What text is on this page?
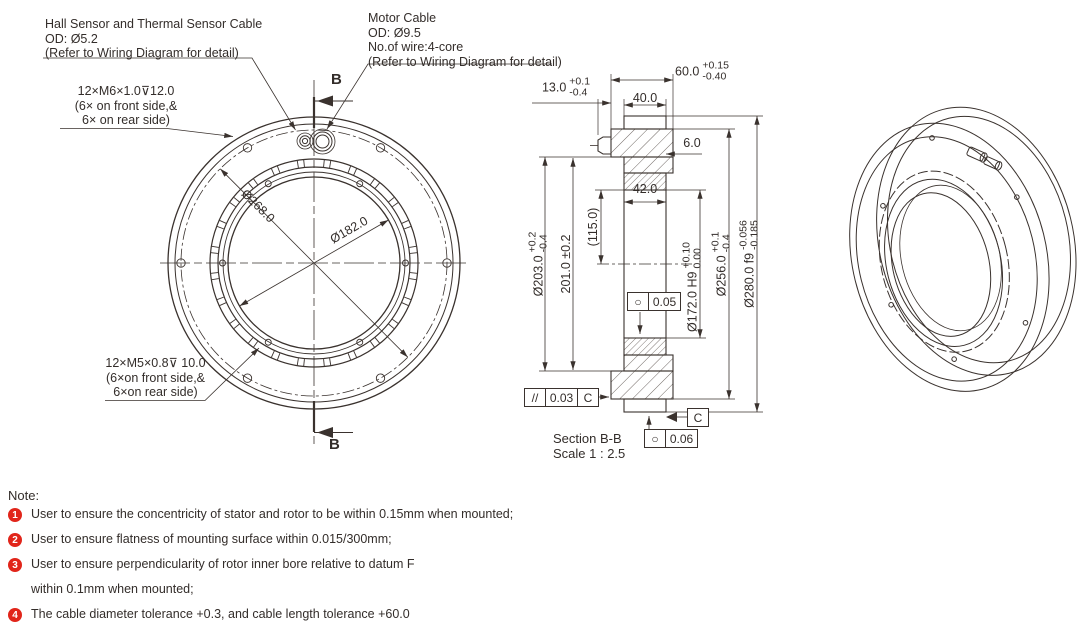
Hall Sensor and Thermal Sensor Cable
OD: Ø5.2
(Refer to Wiring Diagram for detail)
Motor Cable
OD: Ø9.5
No.of wire:4-core
(Refer to Wiring Diagram for detail)
12×M6×1.0⊽12.0
(6× on front side,&
6× on rear side)
12×M5×0.8⊽ 10.0
(6×on front side,&
6×on rear side)
Ø268.0
Ø182.0
B
B
13.0 +0.1
-0.4	40.0
60.0 +0.15
-0.40
6.0
42.0
Ø203.0
+0.2
-0.4 201.0 ±0.2
(115.0)
Ø172.0 H9
+0.10
0.00 Ø256.0
+0.1
-0.4
Ø280.0 f9
-0.056
-0.185
// 0.03 C
C
○ 0.05
○ 0.06
Section B-B
Scale 1 : 2.5
Note:
1	User to ensure the concentricity of stator and rotor to be within 0.15mm when mounted;
2	User to ensure flatness of mounting surface within 0.015/300mm;
3	User to ensure perpendicularity of rotor inner bore relative to datum F
within 0.1mm when mounted;
4	The cable diameter tolerance +0.3, and cable length tolerance +60.0
